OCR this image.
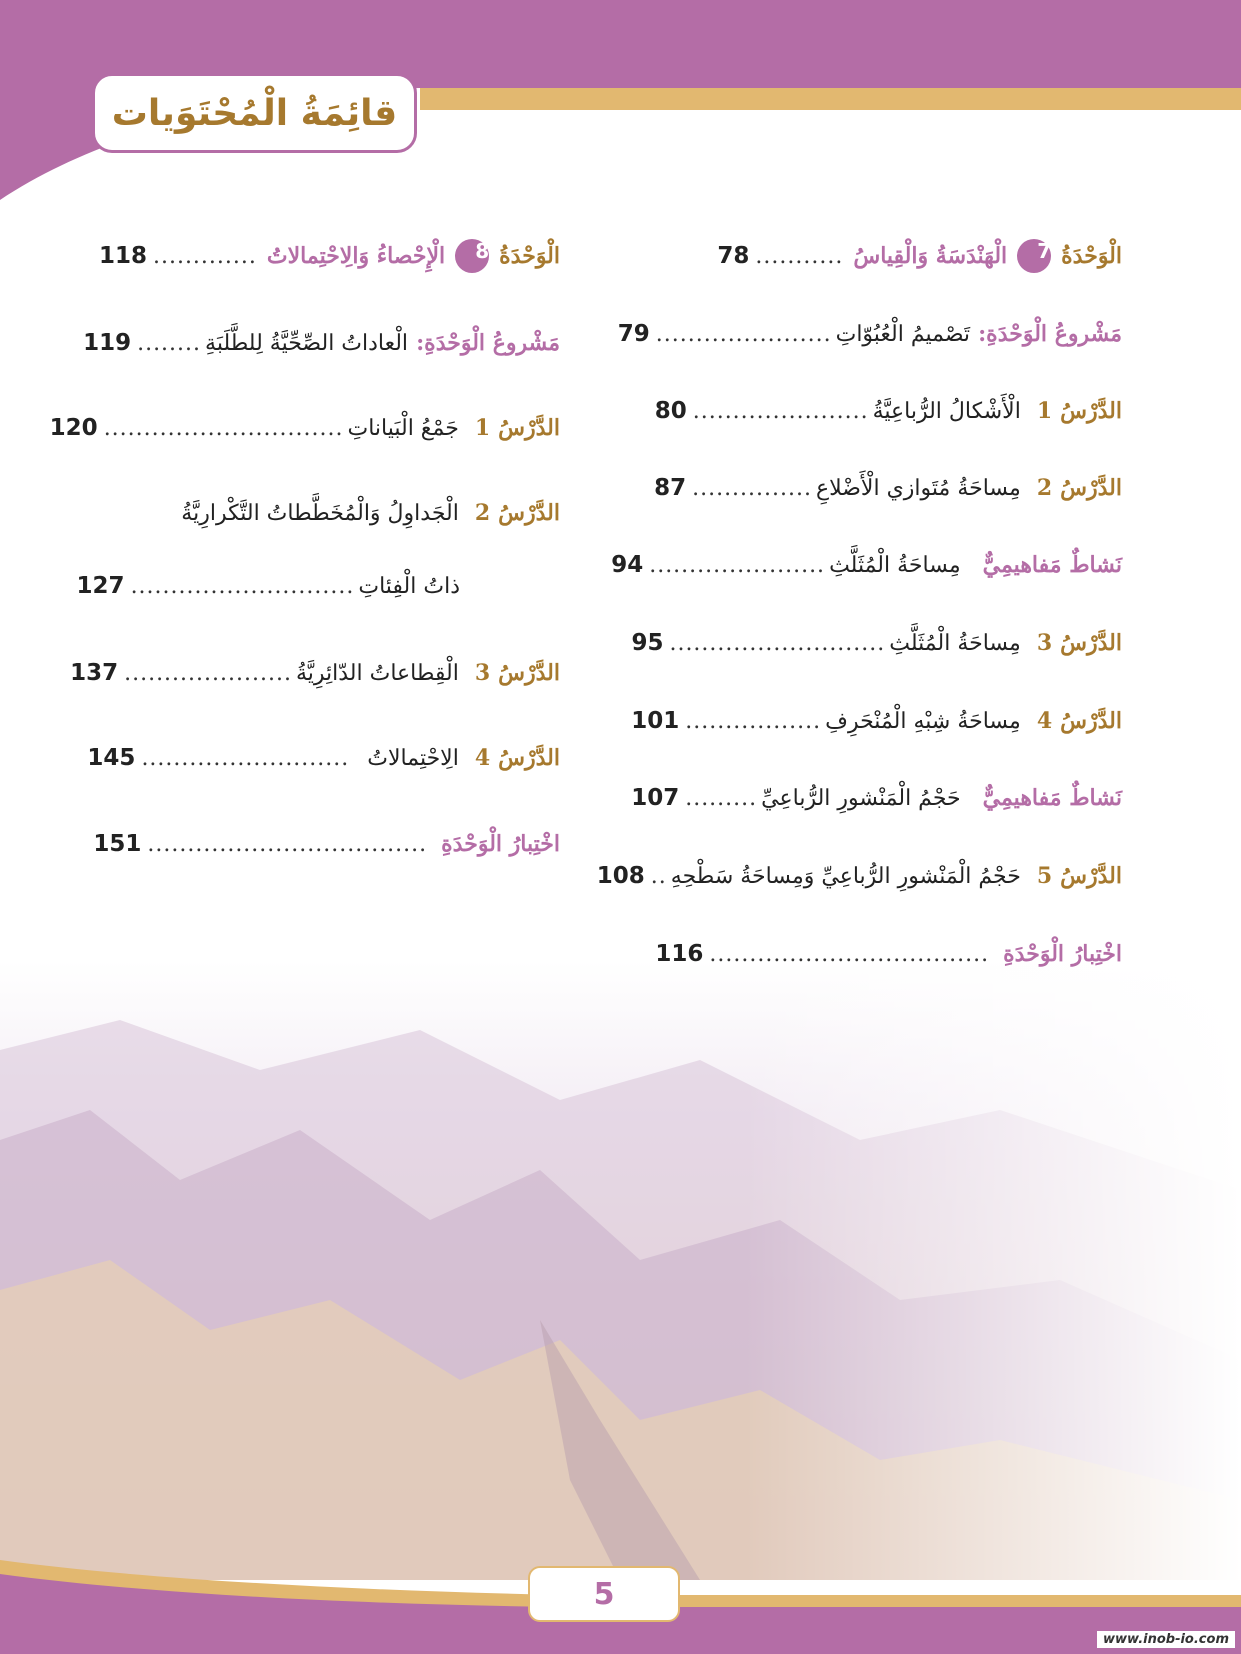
قائِمَةُ الْمُحْتَوَيات
5
www.inob-io.com
الْوَحْدَةُ
7
الْهَنْدَسَةُ وَالْقِياسُ
...........
78
مَشْروعُ الْوَحْدَةِ:
تَصْميمُ الْعُبُوّاتِ
......................
79
الدَّرْسُ
1
الْأَشْكالُ الرُّباعِيَّةُ
......................
80
الدَّرْسُ
2
مِساحَةُ مُتَوازي الْأَضْلاعِ
...............
87
نَشاطٌ مَفاهيمِيٌّ
مِساحَةُ الْمُثَلَّثِ
......................
94
الدَّرْسُ
3
مِساحَةُ الْمُثَلَّثِ
...........................
95
الدَّرْسُ
4
مِساحَةُ شِبْهِ الْمُنْحَرِفِ
.................
101
نَشاطٌ مَفاهيمِيٌّ
حَجْمُ الْمَنْشورِ الرُّباعِيِّ
.........
107
الدَّرْسُ
5
حَجْمُ الْمَنْشورِ الرُّباعِيِّ وَمِساحَةُ سَطْحِهِ
..
108
اخْتِبارُ الْوَحْدَةِ
...................................
116
الْوَحْدَةُ
8
الْإِحْصاءُ وَالِاحْتِمالاتُ
.............
118
مَشْروعُ الْوَحْدَةِ:
الْعاداتُ الصِّحِّيَّةُ لِلطَّلَبَةِ
........
119
الدَّرْسُ
1
جَمْعُ الْبَياناتِ
..............................
120
الدَّرْسُ
2
الْجَداوِلُ وَالْمُخَطَّطاتُ التَّكْرارِيَّةُ
ذاتُ الْفِئاتِ
............................
127
الدَّرْسُ
3
الْقِطاعاتُ الدّائِرِيَّةُ
.....................
137
الدَّرْسُ
4
الِاحْتِمالاتُ
..........................
145
اخْتِبارُ الْوَحْدَةِ
...................................
151
